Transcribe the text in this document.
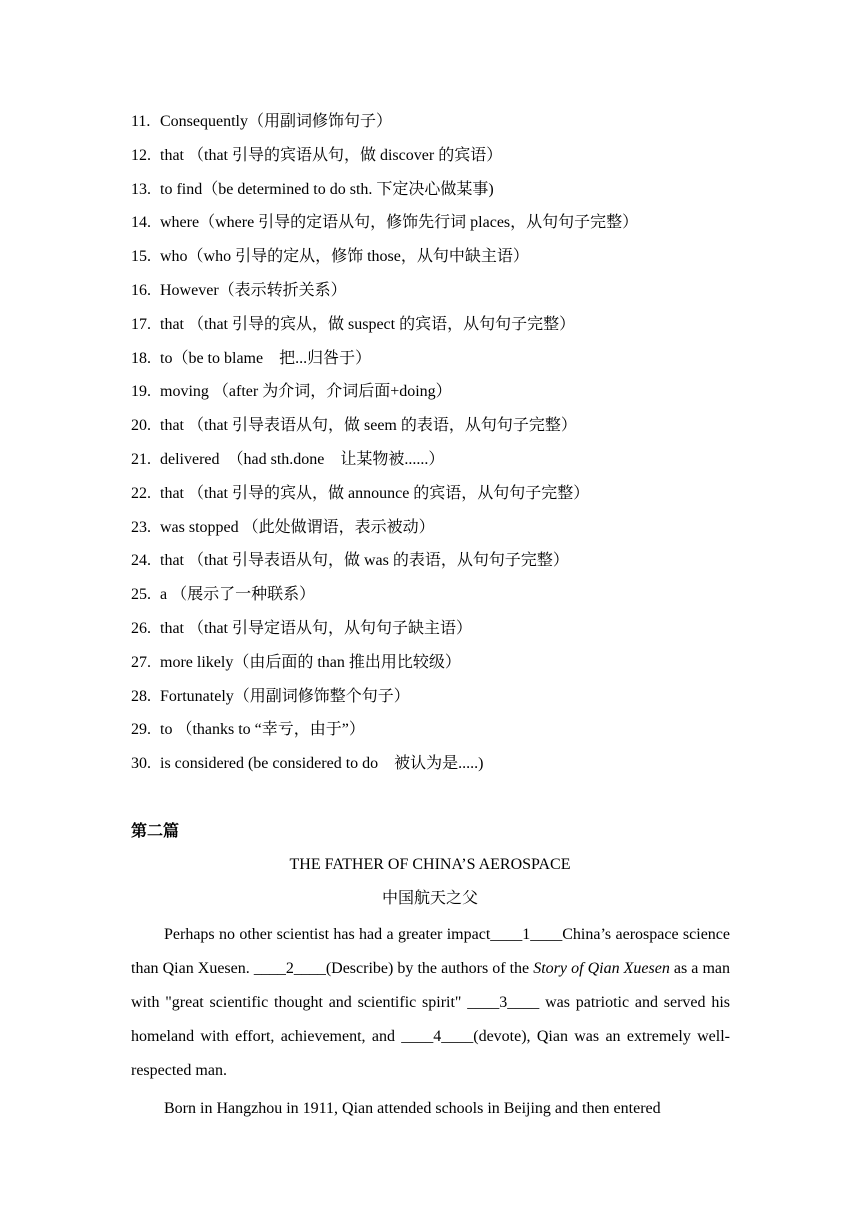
11. Consequently（用副词修饰句子）
12. that （that 引导的宾语从句，做 discover 的宾语）
13. to find（be determined to do sth. 下定决心做某事)
14. where（where 引导的定语从句，修饰先行词 places，从句句子完整）
15. who（who 引导的定从，修饰 those，从句中缺主语）
16. However（表示转折关系）
17. that （that 引导的宾从，做 suspect 的宾语，从句句子完整）
18. to（be to blame　把...归咎于）
19. moving （after 为介词，介词后面+doing）
20. that （that 引导表语从句，做 seem 的表语，从句句子完整）
21. delivered　（had sth.done　让某物被......）
22. that （that 引导的宾从，做 announce 的宾语，从句句子完整）
23. was stopped （此处做谓语，表示被动）
24. that （that 引导表语从句，做 was 的表语，从句句子完整）
25. a （展示了一种联系）
26. that （that 引导定语从句，从句句子缺主语）
27. more likely（由后面的 than 推出用比较级）
28. Fortunately（用副词修饰整个句子）
29. to （thanks to “幸亏，由于”）
30. is considered (be considered to do　被认为是.....)
第二篇
THE FATHER OF CHINA’S AEROSPACE
中国航天之父

Perhaps no other scientist has had a greater impact____1____China’s aerospace science than Qian Xuesen. ____2____(Describe) by the authors of the Story of Qian Xuesen as a man with "great scientific thought and scientific spirit" ____3____ was patriotic and served his homeland with effort, achievement, and ____4____(devote), Qian was an extremely well-respected man.

Born in Hangzhou in 1911, Qian attended schools in Beijing and then entered
